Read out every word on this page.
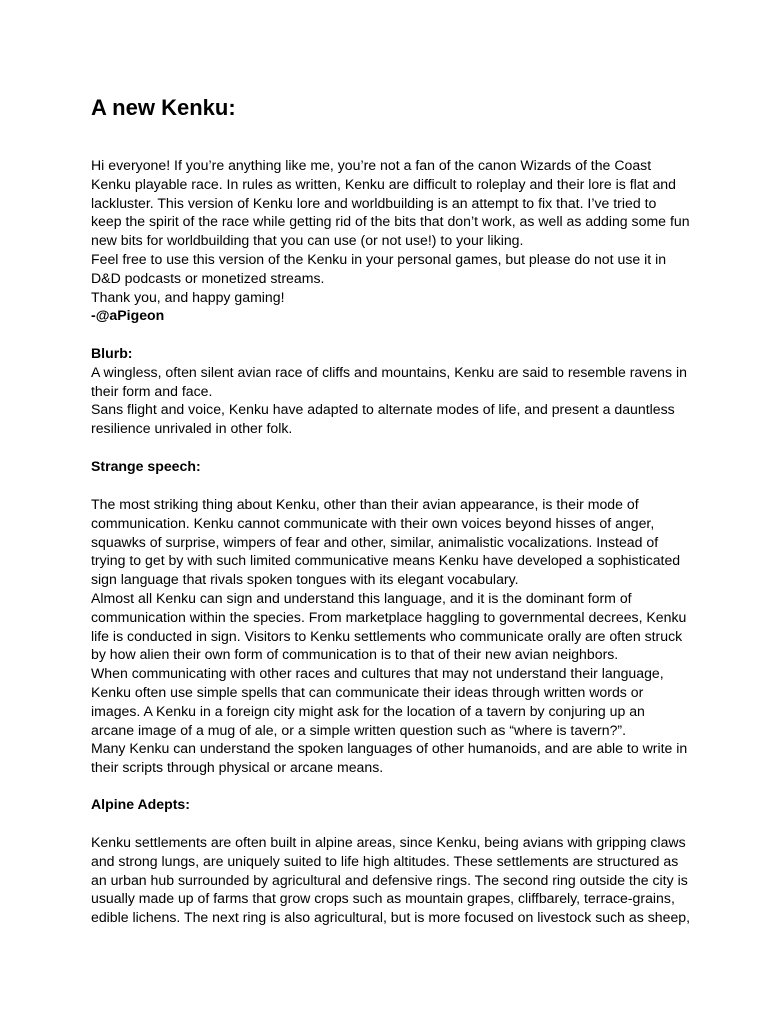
A new Kenku:

Hi everyone! If you’re anything like me, you’re not a fan of the canon Wizards of the Coast
Kenku playable race. In rules as written, Kenku are difficult to roleplay and their lore is flat and
lackluster. This version of Kenku lore and worldbuilding is an attempt to fix that. I’ve tried to
keep the spirit of the race while getting rid of the bits that don’t work, as well as adding some fun
new bits for worldbuilding that you can use (or not use!) to your liking.

Feel free to use this version of the Kenku in your personal games, but please do not use it in
D&D podcasts or monetized streams.

Thank you, and happy gaming!

-@aPigeon

Blurb:

A wingless, often silent avian race of cliffs and mountains, Kenku are said to resemble ravens in
their form and face.

Sans flight and voice, Kenku have adapted to alternate modes of life, and present a dauntless
resilience unrivaled in other folk.

Strange speech:

The most striking thing about Kenku, other than their avian appearance, is their mode of
communication. Kenku cannot communicate with their own voices beyond hisses of anger,
squawks of surprise, wimpers of fear and other, similar, animalistic vocalizations. Instead of
trying to get by with such limited communicative means Kenku have developed a sophisticated
sign language that rivals spoken tongues with its elegant vocabulary.

Almost all Kenku can sign and understand this language, and it is the dominant form of
communication within the species. From marketplace haggling to governmental decrees, Kenku
life is conducted in sign. Visitors to Kenku settlements who communicate orally are often struck
by how alien their own form of communication is to that of their new avian neighbors.

When communicating with other races and cultures that may not understand their language,
Kenku often use simple spells that can communicate their ideas through written words or
images. A Kenku in a foreign city might ask for the location of a tavern by conjuring up an
arcane image of a mug of ale, or a simple written question such as “where is tavern?”.

Many Kenku can understand the spoken languages of other humanoids, and are able to write in
their scripts through physical or arcane means.

Alpine Adepts:

Kenku settlements are often built in alpine areas, since Kenku, being avians with gripping claws
and strong lungs, are uniquely suited to life high altitudes. These settlements are structured as
an urban hub surrounded by agricultural and defensive rings. The second ring outside the city is
usually made up of farms that grow crops such as mountain grapes, cliffbarely, terrace-grains,
edible lichens. The next ring is also agricultural, but is more focused on livestock such as sheep,
